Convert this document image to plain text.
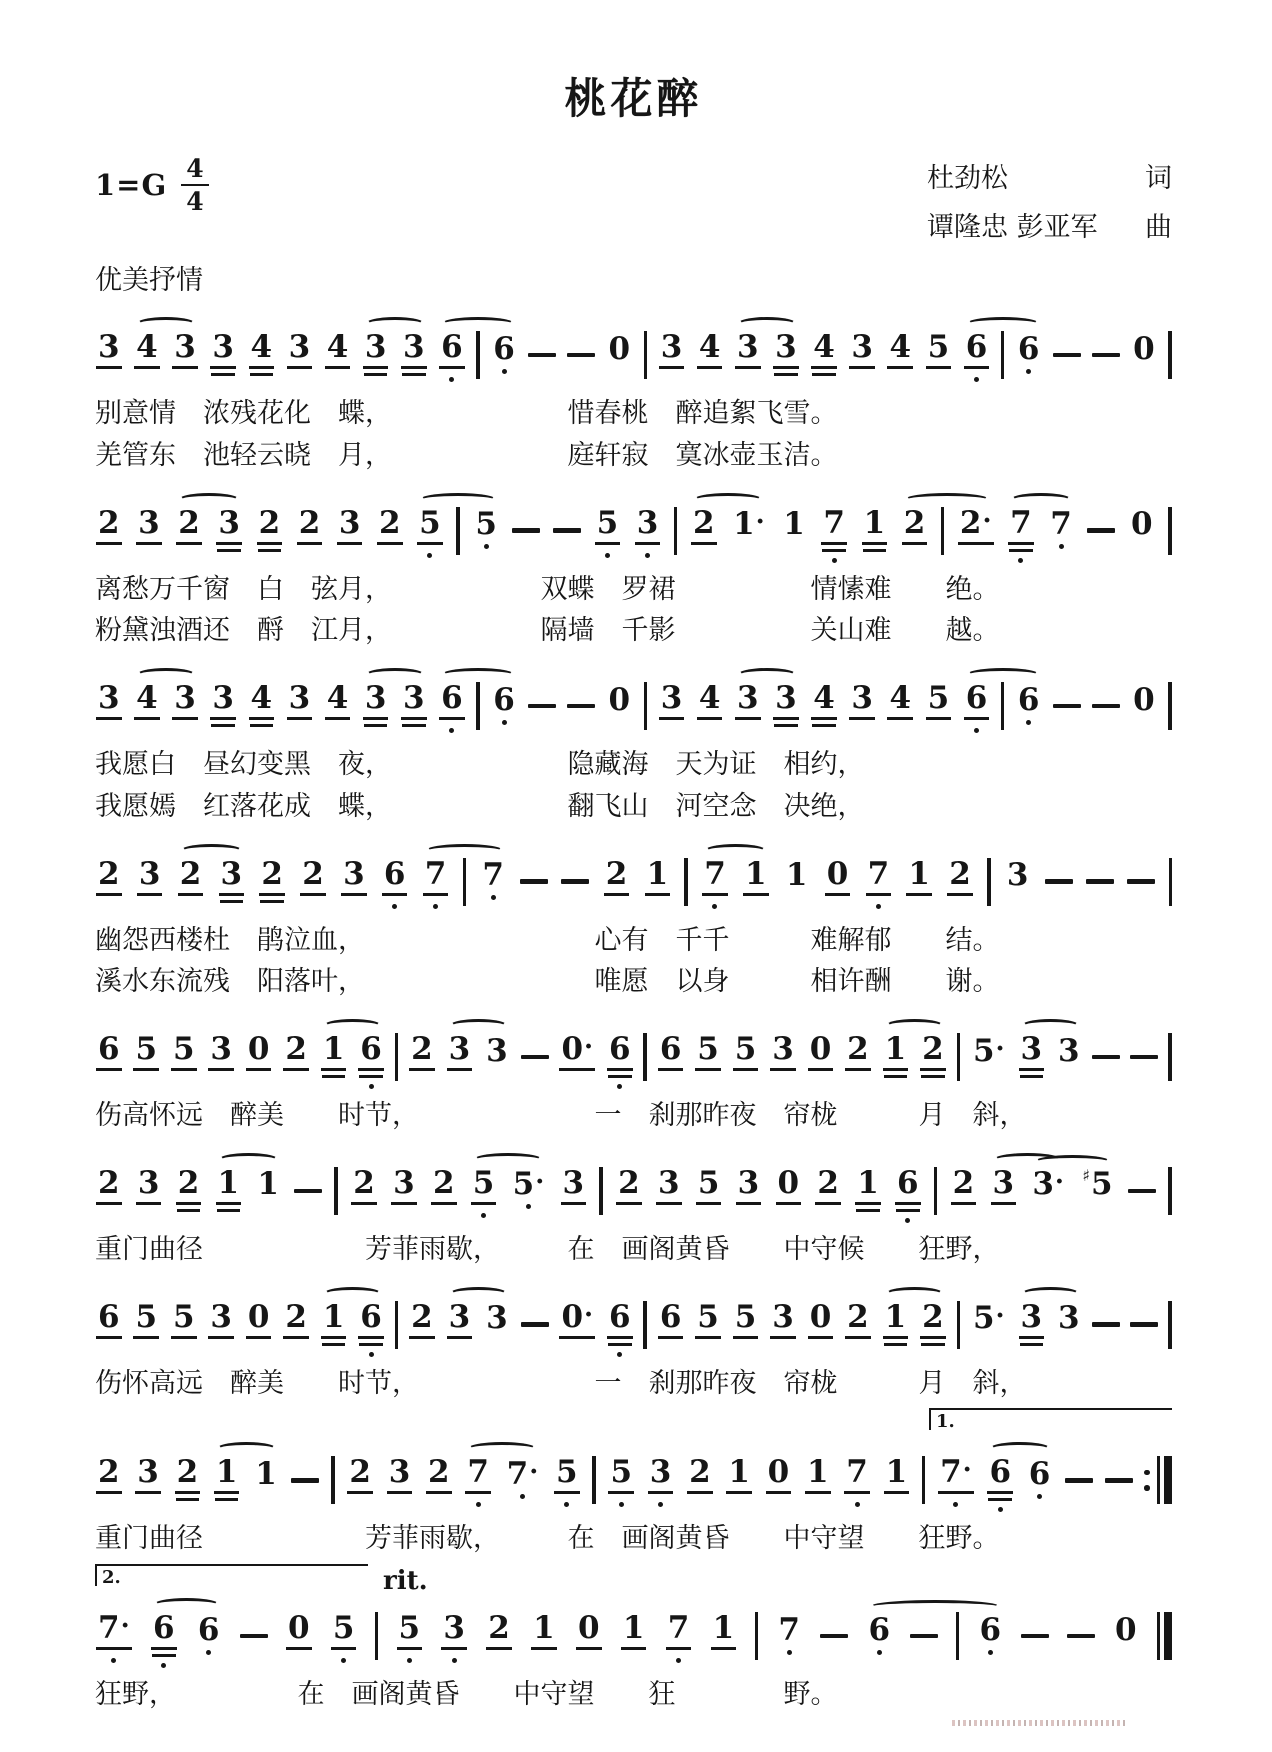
桃花醉
$1=G \frac{4}{4}$	杜劲松	词
谭隆忠 彭亚军 曲
优美抒情
3 4 3 3 4 3 4 3 3 6 6	0 3 4 3 3 4 3 4 5 6 6	0
别意情　浓残花化　蝶，　　　　　　　惜春桃　醉追絮飞雪。
羌管东　池轻云晓　月，　　　　　　　庭轩寂　寞冰壶玉洁。
2 3 2 3 2 2 3 2 5 5	5 3 2 1· 1 7 1 2 2· 7 7 0
离愁万千窗　白　弦月，　　　　　　双蝶　罗裙　　　　　情愫难　　绝。
粉黛浊酒还　酹　江月，　　　　　　隔墙　千影　　　　　关山难　　越。
3 4 3 3 4 3 4 3 3 6 6	0 3 4 3 3 4 3 4 5 6 6	0
我愿白　昼幻变黑　夜，　　　　　　　隐藏海　天为证　相约，
我愿嫣　红落花成　蝶，　　　　　　　翻飞山　河空念　决绝，
2 3 2 3 2 2 3 6 7 7	2 1 7 1 1 0 7 1 2 3
幽怨西楼杜　鹃泣血，　　　　　　　　　心有　千千　　　难解郁　　结。
溪水东流残　阳落叶，　　　　　　　　　唯愿　以身　　　相许酬　　谢。
6 5 5 3 0 2 1 6 2 3 3 0· 6 6 5 5 3 0 2 1 2 5· 3 3
伤高怀远　醉美　　时节，　　　　　　　一　刹那昨夜　帘栊　　　月　斜，
2 3 2 1 1 2 3 2 5 5· 3 2 3 5 3 0 2 1 6 2 3 3· ♯5
重门曲径　　　　　　芳菲雨歇，　　　在　画阁黄昏　　中守候　　狂野，
6 5 5 3 0 2 1 6 2 3 3 0· 6 6 5 5 3 0 2 1 2 5· 3 3
伤怀高远　醉美　　时节，　　　　　　　一　刹那昨夜　帘栊　　　月　斜，
2 3 2 1 1 2 3 2 7 7· 5 5 3 2 1 0 1 7 1 7· 6 6
1.
重门曲径　　　　　　芳菲雨歇，　　　在　画阁黄昏　　中守望　　狂野。
7· 6 6 0 5 5 3 2 1 0 1 7 1 7 6	6	0
2.	rit.
狂野，　　　　　在　画阁黄昏　　中守望　　狂　　　　野。
